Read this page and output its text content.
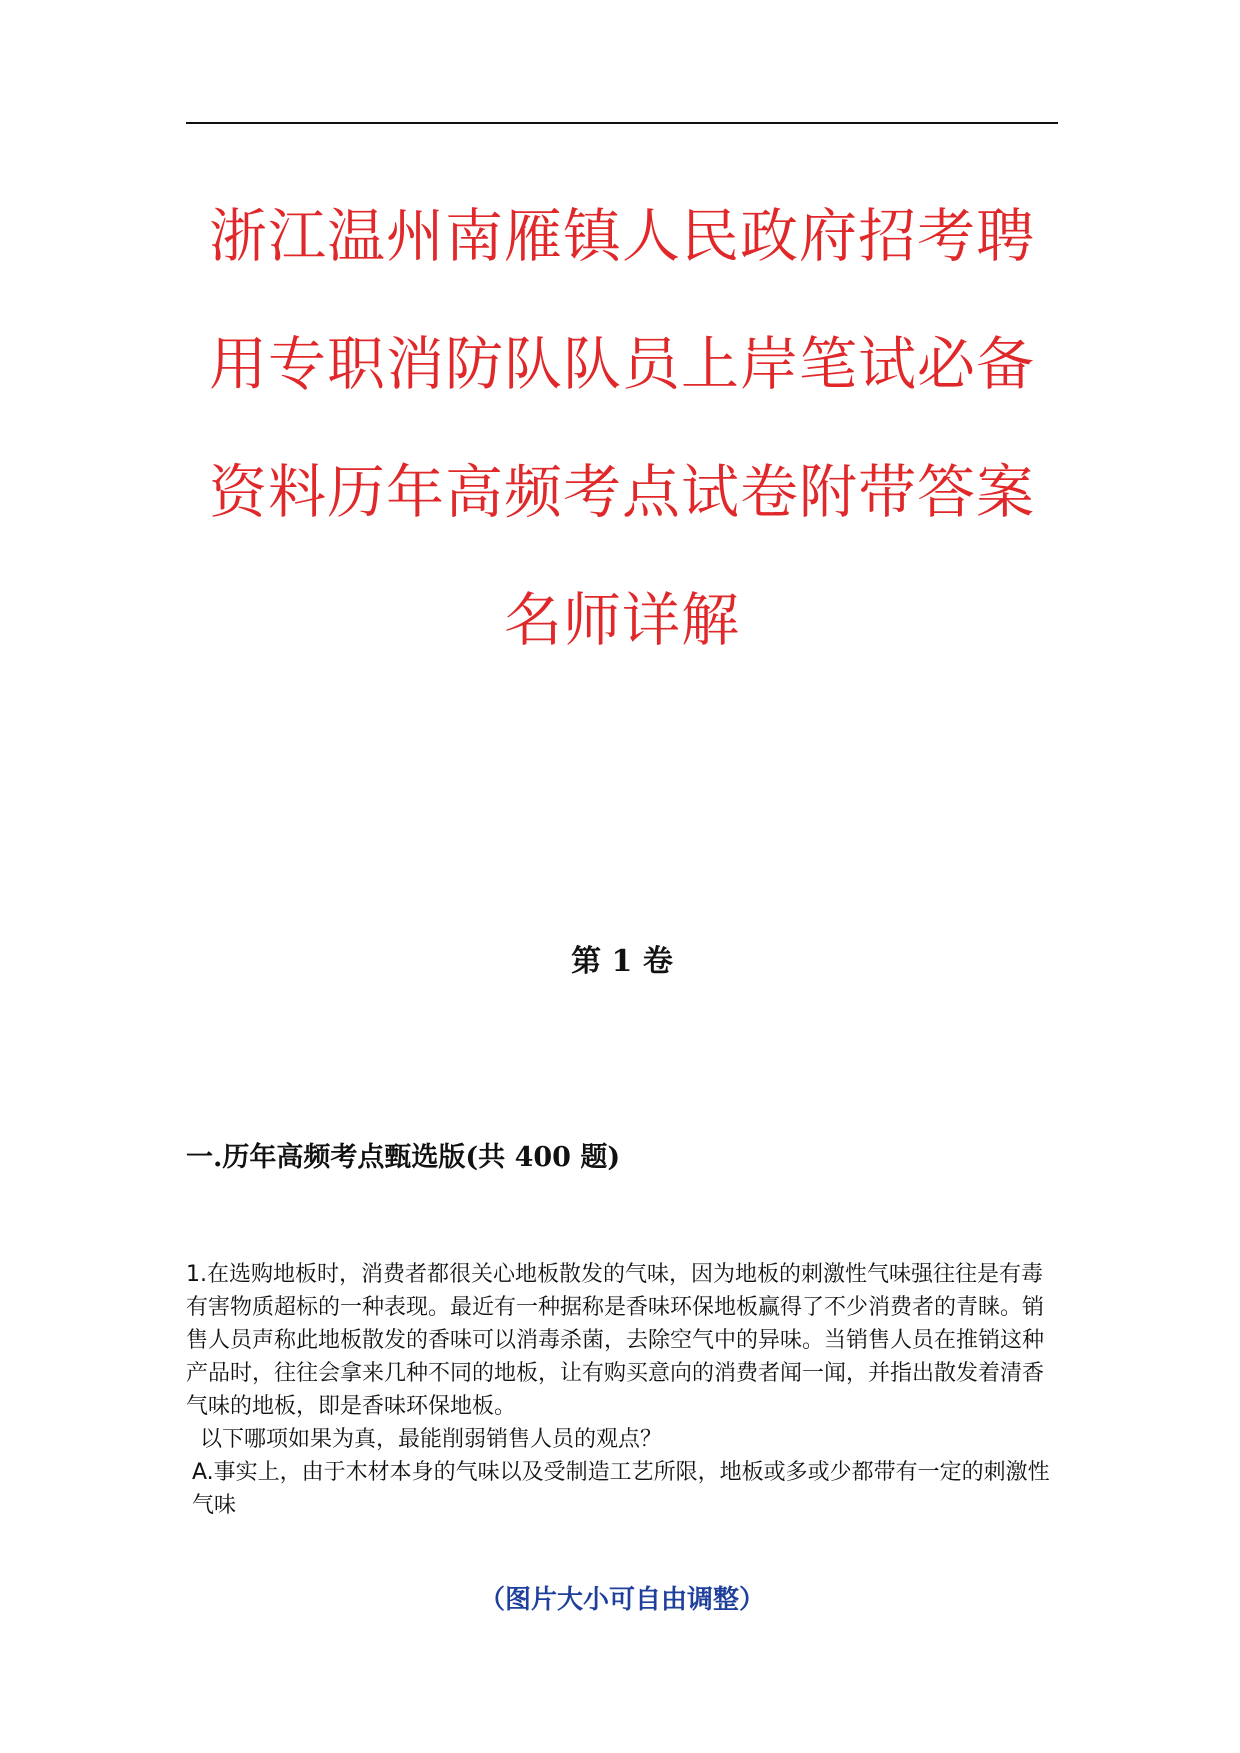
浙江温州南雁镇人民政府招考聘
用专职消防队队员上岸笔试必备
资料历年高频考点试卷附带答案
名师详解
第 1 卷
一.历年高频考点甄选版(共 400 题)

1.在选购地板时，消费者都很关心地板散发的气味，因为地板的刺激性气味强往往是有毒有害物质超标的一种表现。最近有一种据称是香味环保地板赢得了不少消费者的青睐。销售人员声称此地板散发的香味可以消毒杀菌，去除空气中的异味。当销售人员在推销这种产品时，往往会拿来几种不同的地板，让有购买意向的消费者闻一闻，并指出散发着清香气味的地板，即是香味环保地板。

以下哪项如果为真，最能削弱销售人员的观点？

A.事实上，由于木材本身的气味以及受制造工艺所限，地板或多或少都带有一定的刺激性气味

（图片大小可自由调整）
